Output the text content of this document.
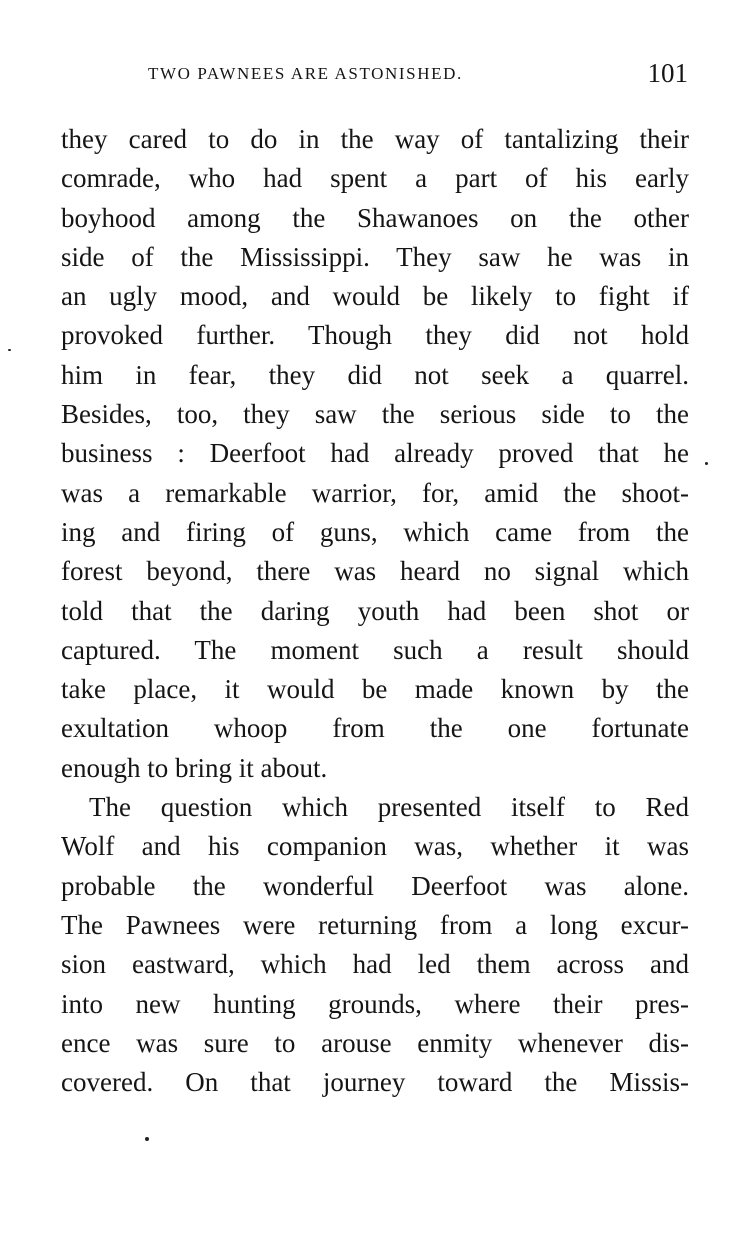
TWO PAWNEES ARE ASTONISHED.	101
they cared to do in the way of tantalizing their
comrade, who had spent a part of his early
boyhood among the Shawanoes on the other
side of the Mississippi. They saw he was in
an ugly mood, and would be likely to fight if
provoked further. Though they did not hold
him in fear, they did not seek a quarrel.
Besides, too, they saw the serious side to the
business : Deerfoot had already proved that he
was a remarkable warrior, for, amid the shoot-
ing and firing of guns, which came from the
forest beyond, there was heard no signal which
told that the daring youth had been shot or
captured. The moment such a result should
take place, it would be made known by the
exultation whoop from the one fortunate
enough to bring it about.
The question which presented itself to Red
Wolf and his companion was, whether it was
probable the wonderful Deerfoot was alone.
The Pawnees were returning from a long excur-
sion eastward, which had led them across and
into new hunting grounds, where their pres-
ence was sure to arouse enmity whenever dis-
covered. On that journey toward the Missis-
